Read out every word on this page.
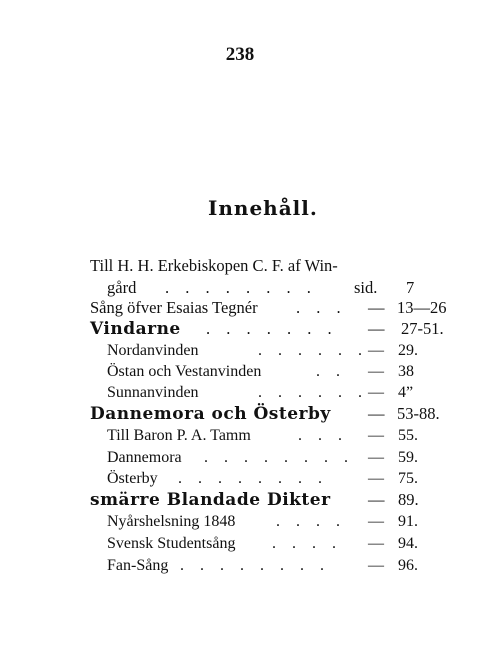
238
Innehåll.
Till H. H. Erkebiskopen C. F. af Win-
gård . . . . . . . . sid. 7
Sång öfver Esaias Tegnér . . . — 13—26
Vindarne . . . . . . . — 27-51.
Nordanvinden	. . . . . . — 29.
Östan och Vestanvinden	. . — 38
Sunnanvinden	. . . . . . — 4”
Dannemora och Österby — 53-88.
Till Baron P. A. Tamm	. . . — 55.
Dannemora . . . . . . . . — 59.
Österby . . . . . . . .	— 75.
smärre Blandade Dikter — 89.
Nyårshelsning 1848	. . . . — 91.
Svensk Studentsång . . . . — 94.
Fan-Sång . . . . . . . . — 96.
